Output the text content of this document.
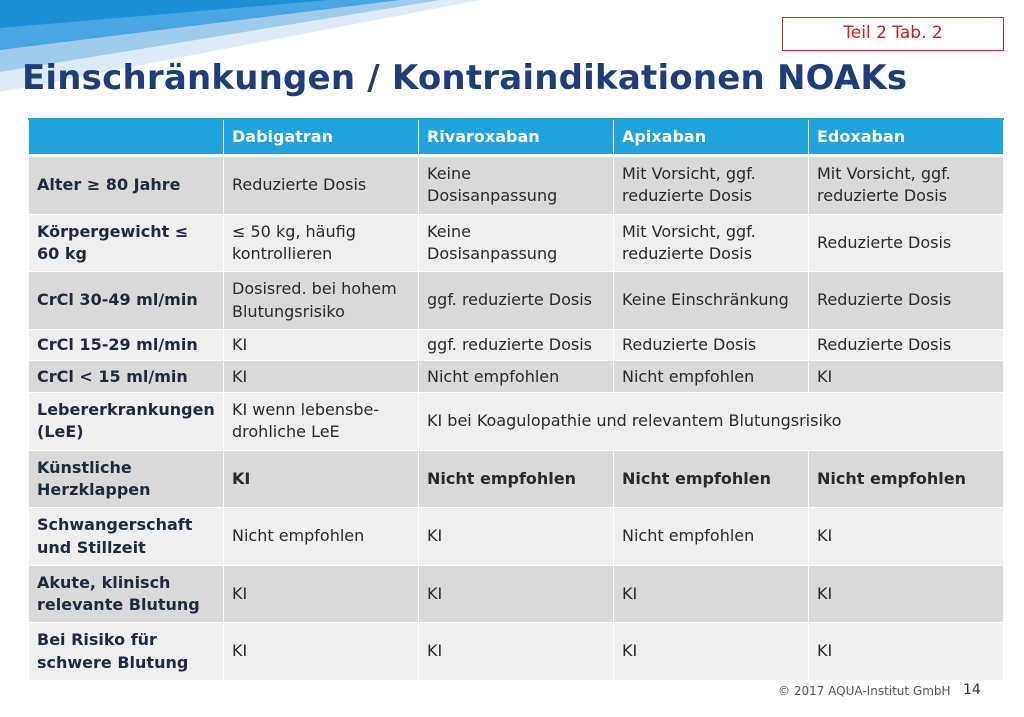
Teil 2 Tab. 2
Einschränkungen / Kontraindikationen NOAKs
	Dabigatran	Rivaroxaban	Apixaban	Edoxaban
Alter ≥ 80 Jahre	Reduzierte Dosis	Keine Dosisanpassung	Mit Vorsicht, ggf. reduzierte Dosis	Mit Vorsicht, ggf. reduzierte Dosis
Körpergewicht ≤ 60 kg	≤ 50 kg, häufig kontrollieren	Keine Dosisanpassung	Mit Vorsicht, ggf. reduzierte Dosis	Reduzierte Dosis
CrCl 30-49 ml/min	Dosisred. bei hohem Blutungsrisiko	ggf. reduzierte Dosis	Keine Einschränkung	Reduzierte Dosis
CrCl 15-29 ml/min	KI	ggf. reduzierte Dosis	Reduzierte Dosis	Reduzierte Dosis
CrCl < 15 ml/min	KI	Nicht empfohlen	Nicht empfohlen	KI
Lebererkrankungen (LeE)	KI wenn lebensbe-drohliche LeE	KI bei Koagulopathie und relevantem Blutungsrisiko		
Künstliche Herzklappen	KI	Nicht empfohlen	Nicht empfohlen	Nicht empfohlen
Schwangerschaft und Stillzeit	Nicht empfohlen	KI	Nicht empfohlen	KI
Akute, klinisch relevante Blutung	KI	KI	KI	KI
Bei Risiko für schwere Blutung	KI	KI	KI	KI
© 2017 AQUA-Institut GmbH 14
